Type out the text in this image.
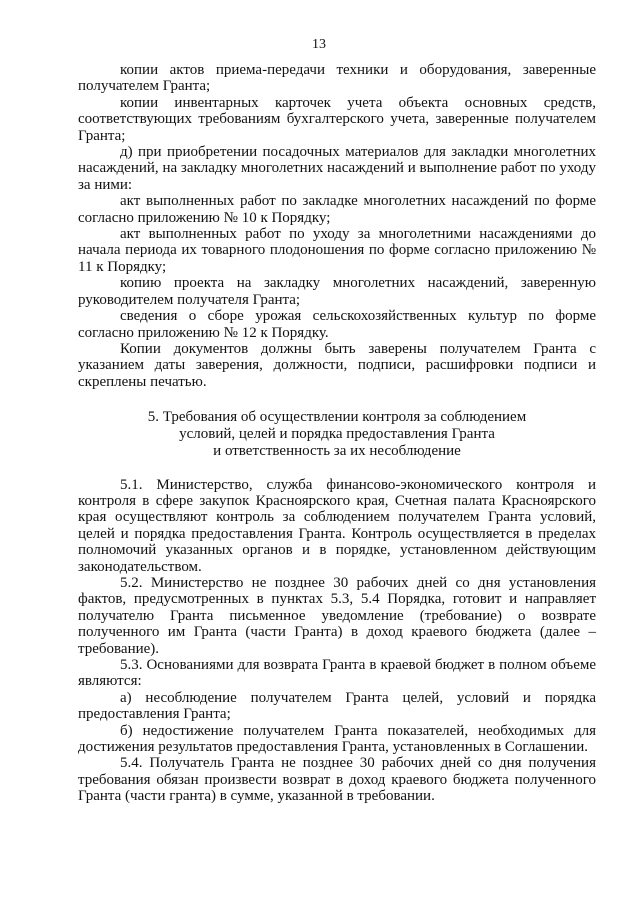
13

копии актов приема-передачи техники и оборудования, заверенные получателем Гранта;

копии инвентарных карточек учета объекта основных средств, соответствующих требованиям бухгалтерского учета, заверенные получателем Гранта;

д) при приобретении посадочных материалов для закладки многолетних насаждений, на закладку многолетних насаждений и выполнение работ по уходу за ними:

акт выполненных работ по закладке многолетних насаждений по форме согласно приложению № 10 к Порядку;

акт выполненных работ по уходу за многолетними насаждениями до начала периода их товарного плодоношения по форме согласно приложению № 11 к Порядку;

копию проекта на закладку многолетних насаждений, заверенную руководителем получателя Гранта;

сведения о сборе урожая сельскохозяйственных культур по форме согласно приложению № 12 к Порядку.

Копии документов должны быть заверены получателем Гранта с указанием даты заверения, должности, подписи, расшифровки подписи и скреплены печатью.

5. Требования об осуществлении контроля за соблюдением
условий, целей и порядка предоставления Гранта
и ответственность за их несоблюдение

5.1. Министерство, служба финансово-экономического контроля и контроля в сфере закупок Красноярского края, Счетная палата Красноярского края осуществляют контроль за соблюдением получателем Гранта условий, целей и порядка предоставления Гранта. Контроль осуществляется в пределах полномочий указанных органов и в порядке, установленном действующим законодательством.

5.2. Министерство не позднее 30 рабочих дней со дня установления фактов, предусмотренных в пунктах 5.3, 5.4 Порядка, готовит и направляет получателю Гранта письменное уведомление (требование) о возврате полученного им Гранта (части Гранта) в доход краевого бюджета (далее – требование).

5.3. Основаниями для возврата Гранта в краевой бюджет в полном объеме являются:

а) несоблюдение получателем Гранта целей, условий и порядка предоставления Гранта;

б) недостижение получателем Гранта показателей, необходимых для достижения результатов предоставления Гранта, установленных в Соглашении.

5.4. Получатель Гранта не позднее 30 рабочих дней со дня получения требования обязан произвести возврат в доход краевого бюджета полученного Гранта (части гранта) в сумме, указанной в требовании.
